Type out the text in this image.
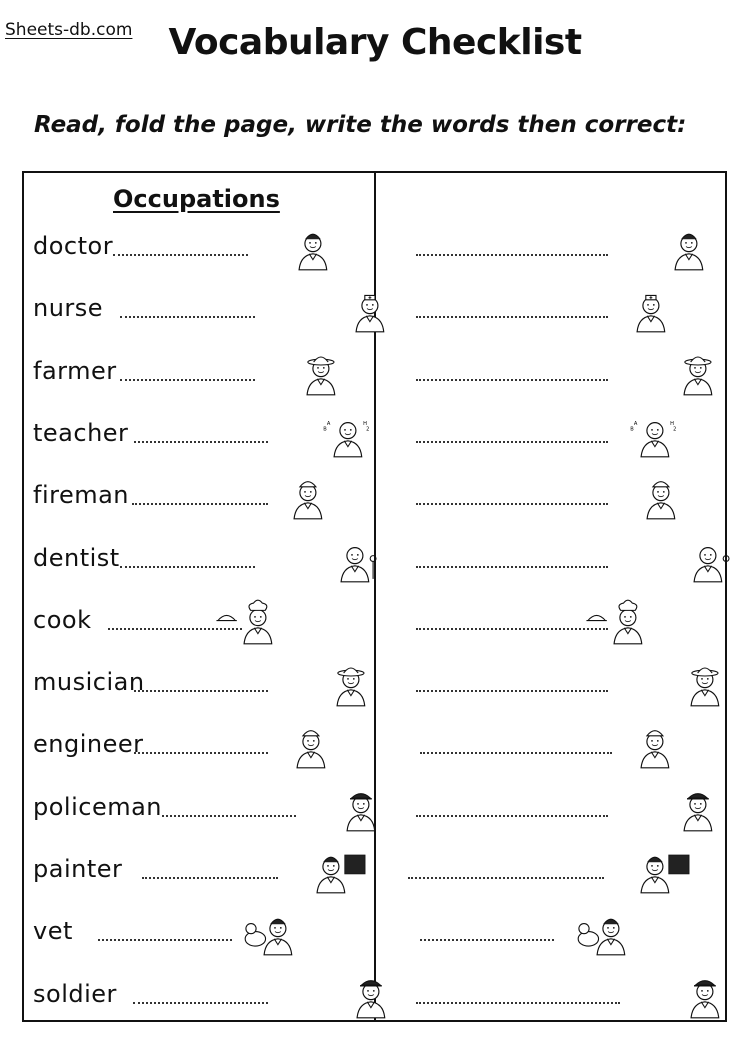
Sheets-db.com	Vocabulary Checklist
Read, fold the page, write the words then correct:
Occupations
doctor
nurse
farmer
teacher	A
B
H
2
A
B
H
2
fireman
dentist
cook
musician
engineer
policeman
painter
vet
soldier
